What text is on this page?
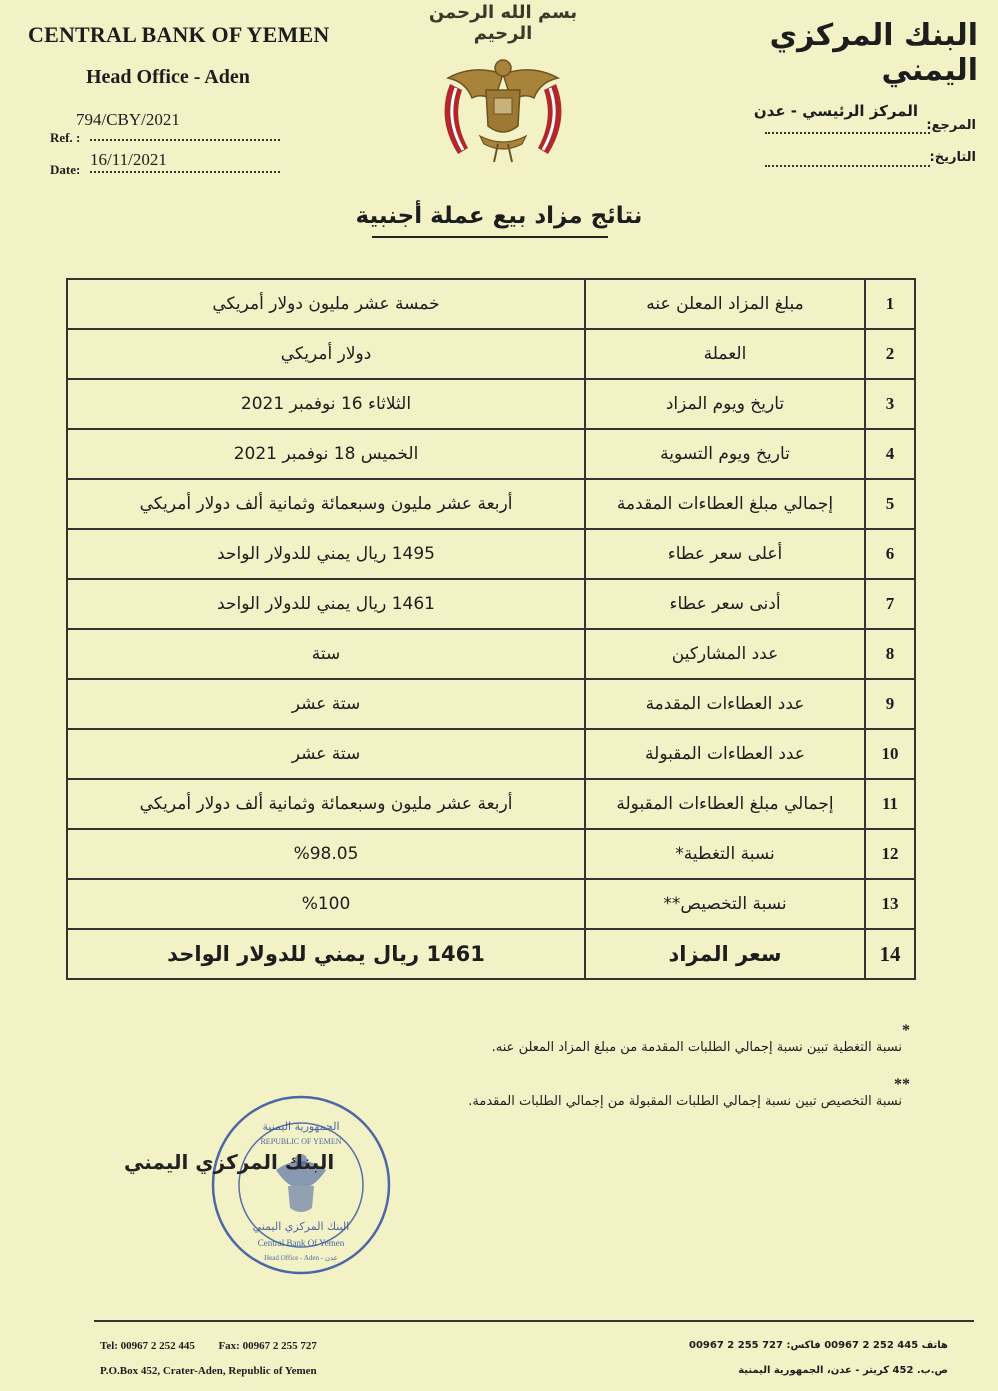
CENTRAL BANK OF YEMEN
Head Office - Aden
794/CBY/2021
Ref. :
Date:
16/11/2021
بسم الله الرحمن الرحيم	البنك المركزي اليمني
المركز الرئيسي - عدن
المرجع:
التاريخ:
نتائج مزاد بيع عملة أجنبية
1	مبلغ المزاد المعلن عنه	خمسة عشر مليون دولار أمريكي
2	العملة	دولار أمريكي
3	تاريخ ويوم المزاد	الثلاثاء 16 نوفمبر 2021
4	تاريخ ويوم التسوية	الخميس 18 نوفمبر 2021
5	إجمالي مبلغ العطاءات المقدمة	أربعة عشر مليون وسبعمائة وثمانية ألف دولار أمريكي
6	أعلى سعر عطاء	1495 ريال يمني للدولار الواحد
7	أدنى سعر عطاء	1461 ريال يمني للدولار الواحد
8	عدد المشاركين	ستة
9	عدد العطاءات المقدمة	ستة عشر
10	عدد العطاءات المقبولة	ستة عشر
11	إجمالي مبلغ العطاءات المقبولة	أربعة عشر مليون وسبعمائة وثمانية ألف دولار أمريكي
12	نسبة التغطية*	%98.05
13	نسبة التخصيص**	%100
14	سعر المزاد	1461 ريال يمني للدولار الواحد
*
نسبة التغطية تبين نسبة إجمالي الطلبات المقدمة من مبلغ المزاد المعلن عنه.
**
نسبة التخصيص تبين نسبة إجمالي الطلبات المقبولة من إجمالي الطلبات المقدمة.
الجمهورية اليمنية
REPUBLIC OF YEMEN
البنك المركزي اليمني
Central Bank Of Yemen
Head Office - Aden - عدن
البنك المركزي اليمني
Tel: 00967 2 252 445 Fax: 00967 2 255 727
P.O.Box 452, Crater-Aden, Republic of Yemen
هاتف 445 252 2 00967 فاكس: 727 255 2 00967
ص.ب. 452 كريتر - عدن، الجمهورية اليمنية
